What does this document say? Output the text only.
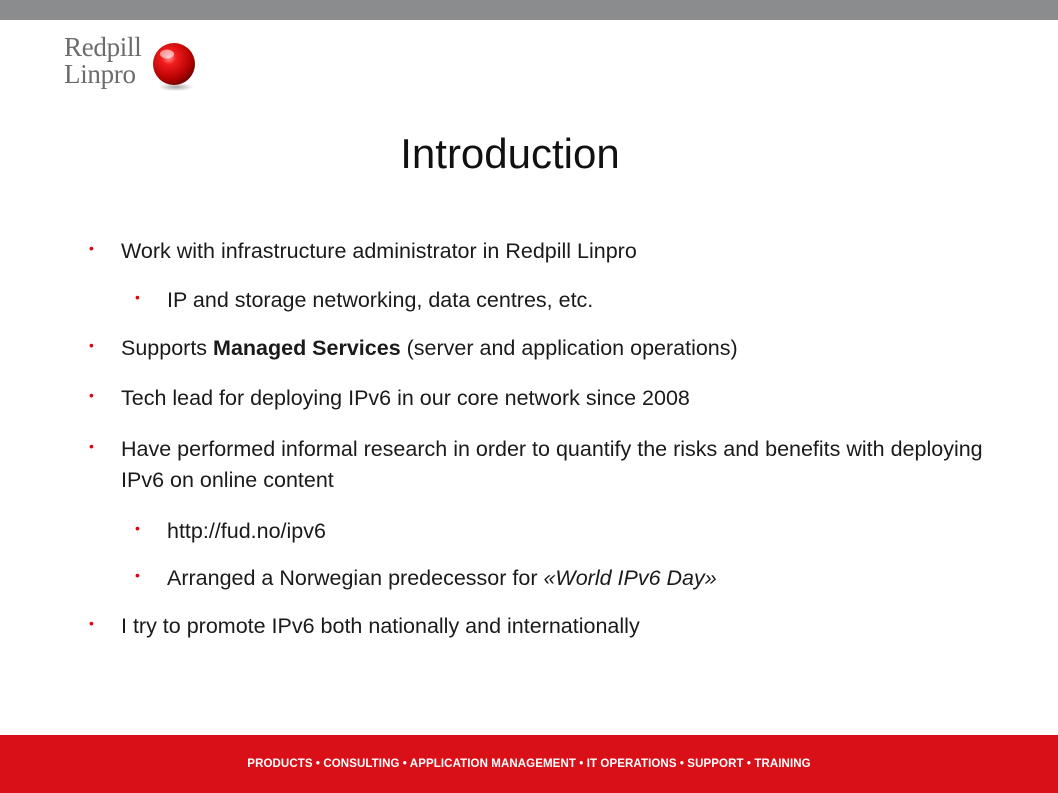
Redpill
Linpro
Introduction
• Work with infrastructure administrator in Redpill Linpro
• IP and storage networking, data centres, etc.
• Supports Managed Services (server and application operations)
• Tech lead for deploying IPv6 in our core network since 2008
• Have performed informal research in order to quantify the risks and benefits with deploying IPv6 on online content
• http://fud.no/ipv6
• Arranged a Norwegian predecessor for «World IPv6 Day»
• I try to promote IPv6 both nationally and internationally
PRODUCTS • CONSULTING • APPLICATION MANAGEMENT • IT OPERATIONS • SUPPORT • TRAINING
